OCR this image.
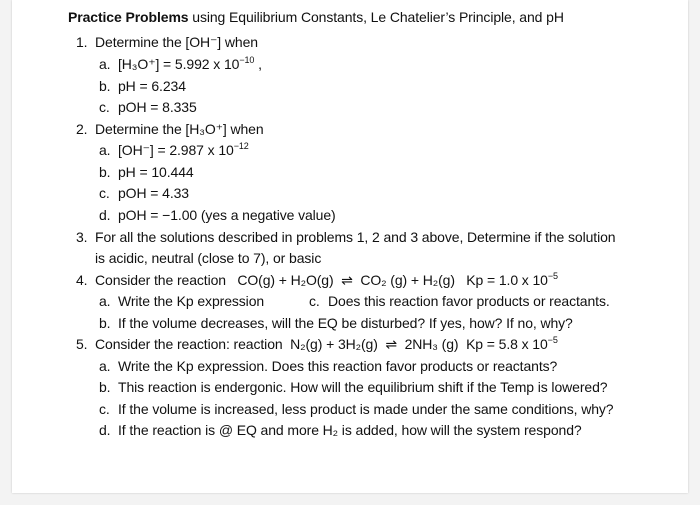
Practice Problems using Equilibrium Constants, Le Chatelier’s Principle, and pH
1. Determine the [OH⁻] when
a. [H₃O⁺] = 5.992 x $10^{-10}$ ,
b. pH = 6.234
c. pOH = 8.335
2. Determine the [H₃O⁺] when
a. [OH⁻] = 2.987 x $10^{-12}$
b. pH = 10.444
c. pOH = 4.33
d. pOH = −1.00 (yes a negative value)
3. For all the solutions described in problems 1, 2 and 3 above, Determine if the solution
is acidic, neutral (close to 7), or basic
4. Consider the reaction   CO(g) + H₂O(g)  ⇌  CO₂ (g) + H₂(g)   Kp = 1.0 x $10^{-5}$
a. Write the Kp expression	c. Does this reaction favor products or reactants.
b. If the volume decreases, will the EQ be disturbed? If yes, how? If no, why?
5. Consider the reaction: reaction  N₂(g) + 3H₂(g)  ⇌  2NH₃ (g)  Kp = 5.8 x $10^{-5}$
a. Write the Kp expression. Does this reaction favor products or reactants?
b. This reaction is endergonic. How will the equilibrium shift if the Temp is lowered?
c. If the volume is increased, less product is made under the same conditions, why?
d. If the reaction is @ EQ and more H₂ is added, how will the system respond?
